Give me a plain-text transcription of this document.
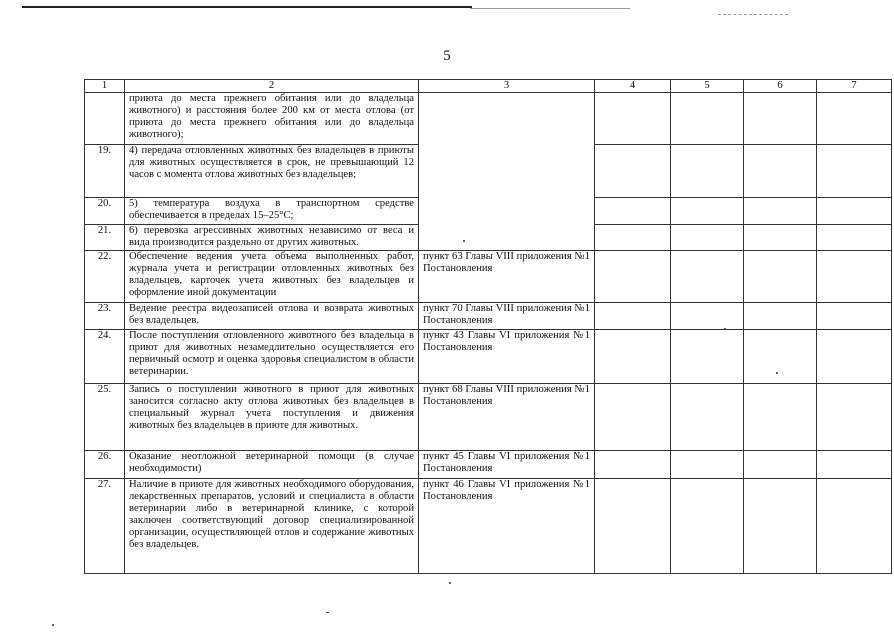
5
1	2	3	4	5	6	7
	приюта до места прежнего обитания или до владельца животного) и расстояния более 200 км от места отлова (от приюта до места прежнего обитания или до владельца животного);					
19.	4) передача отловленных животных без владельцев в приюты для животных осуществляется в срок, не превышающий 12 часов с момента отлова животных без владельцев;					
20.	5) температура воздуха в транспортном средстве обеспечивается в пределах 15–25°С;					
21.	6) перевозка агрессивных животных независимо от веса и вида производится раздельно от других животных.					
22.	Обеспечение ведения учета объема выполненных работ, журнала учета и регистрации отловленных животных без владельцев, карточек учета животных без владельцев и оформление иной документации	пункт 63 Главы VIII приложения №1 Постановления				
23.	Ведение реестра видеозаписей отлова и возврата животных без владельцев.	пункт 70 Главы VIII приложения №1 Постановления				
24.	После поступления отловленного животного без владельца в приют для животных незамедлительно осуществляется его первичный осмотр и оценка здоровья специалистом в области ветеринарии.	пункт 43 Главы VI приложения №1 Постановления				
25.	Запись о поступлении животного в приют для животных заносится согласно акту отлова животных без владельцев в специальный журнал учета поступления и движения животных без владельцев в приюте для животных.	пункт 68 Главы VIII приложения №1 Постановления				
26.	Оказание неотложной ветеринарной помощи (в случае необходимости)	пункт 45 Главы VI приложения №1 Постановления				
27.	Наличие в приюте для животных необходимого оборудования, лекарственных препаратов, условий и специалиста в области ветеринарии либо в ветеринарной клинике, с которой заключен соответствующий договор специализированной организации, осуществляющей отлов и содержание животных без владельцев.	пункт 46 Главы VI приложения №1 Постановления				
